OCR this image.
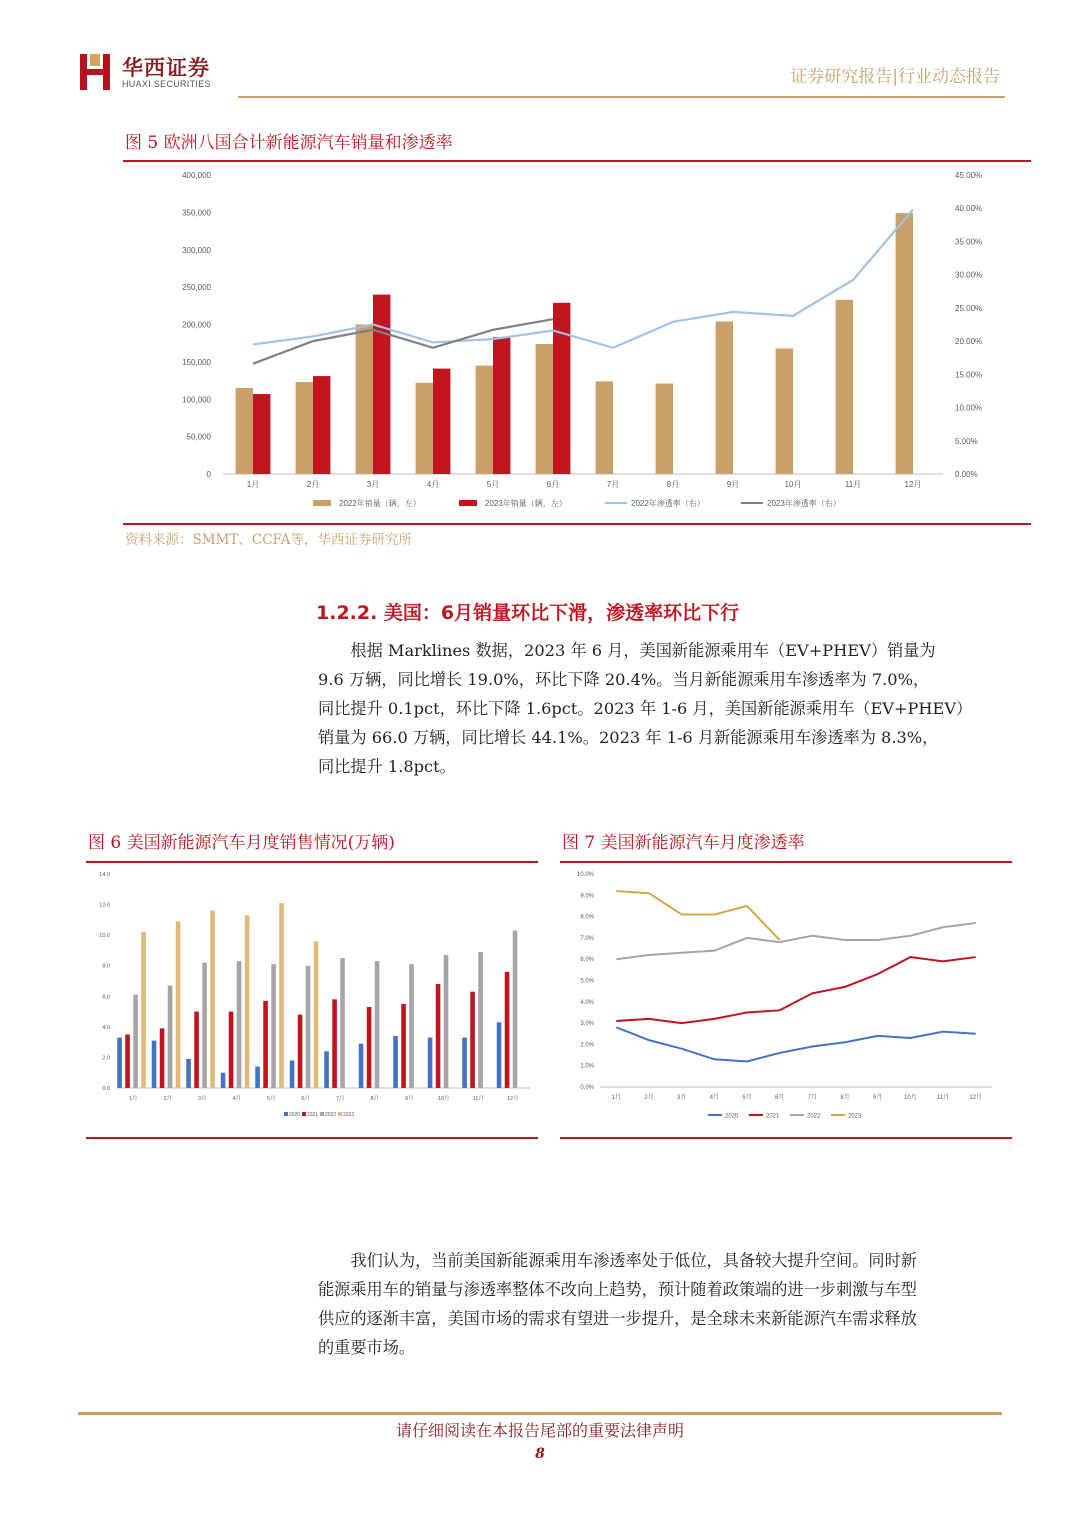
华西证券
HUAXI SECURITIES	证券研究报告|行业动态报告
图 5 欧洲八国合计新能源汽车销量和渗透率
0
50,000
100,000
150,000
200,000
250,000
300,000
350,000
400,000
0.00%
5.00%
10.00%
15.00%
20.00%
25.00%
30.00%
35.00%
40.00%
45.00%
1月	2月	3月	4月	5月	6月	7月	8月	9月	10月	11月	12月
2022年销量（辆，左）	2023年销量（辆，左）	2022年渗透率（右）	2023年渗透率（右）
资料来源：SMMT、CCFA等，华西证券研究所
1.2.2. 美国：6月销量环比下滑，渗透率环比下行
根据 Marklines 数据，2023 年 6 月，美国新能源乘用车（EV+PHEV）销量为
9.6 万辆，同比增长 19.0%，环比下降 20.4%。当月新能源乘用车渗透率为 7.0%，
同比提升 0.1pct，环比下降 1.6pct。2023 年 1-6 月，美国新能源乘用车（EV+PHEV）
销量为 66.0 万辆，同比增长 44.1%。2023 年 1-6 月新能源乘用车渗透率为 8.3%，
同比提升 1.8pct。
图 6 美国新能源汽车月度销售情况(万辆)
0.0
2.0
4.0
6.0
8.0
10.0
12.0
14.0
1月	2月	3月	4月	5月	6月	7月	8月	9月	10月	11月	12月
2020 2021 2022 2023
图 7 美国新能源汽车月度渗透率
0.0%
1.0%
2.0%
3.0%
4.0%
5.0%
6.0%
7.0%
8.0%
9.0%
10.0%
1月	2月	3月	4月	5月	6月	7月	8月	9月	10月	11月	12月
2020	2021	2022	2023
我们认为，当前美国新能源乘用车渗透率处于低位，具备较大提升空间。同时新
能源乘用车的销量与渗透率整体不改向上趋势，预计随着政策端的进一步刺激与车型
供应的逐渐丰富，美国市场的需求有望进一步提升，是全球未来新能源汽车需求释放
的重要市场。
请仔细阅读在本报告尾部的重要法律声明
8
